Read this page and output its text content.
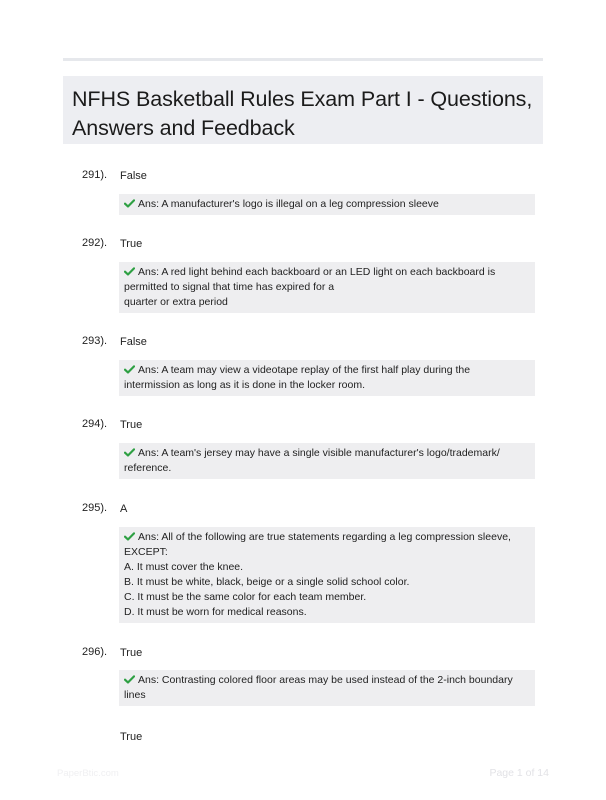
NFHS Basketball Rules Exam Part I - Questions, Answers and Feedback
291). False
Ans: A manufacturer's logo is illegal on a leg compression sleeve
292). True
Ans: A red light behind each backboard or an LED light on each backboard is
permitted to signal that time has expired for a
quarter or extra period
293). False
Ans: A team may view a videotape replay of the first half play during the
intermission as long as it is done in the locker room.
294). True
Ans: A team's jersey may have a single visible manufacturer's logo/trademark/
reference.
295). A
Ans: All of the following are true statements regarding a leg compression sleeve,
EXCEPT:
A. It must cover the knee.
B. It must be white, black, beige or a single solid school color.
C. It must be the same color for each team member.
D. It must be worn for medical reasons.
296). True
Ans: Contrasting colored floor areas may be used instead of the 2-inch boundary
lines
True
PaperBtic.com	Page 1 of 14
